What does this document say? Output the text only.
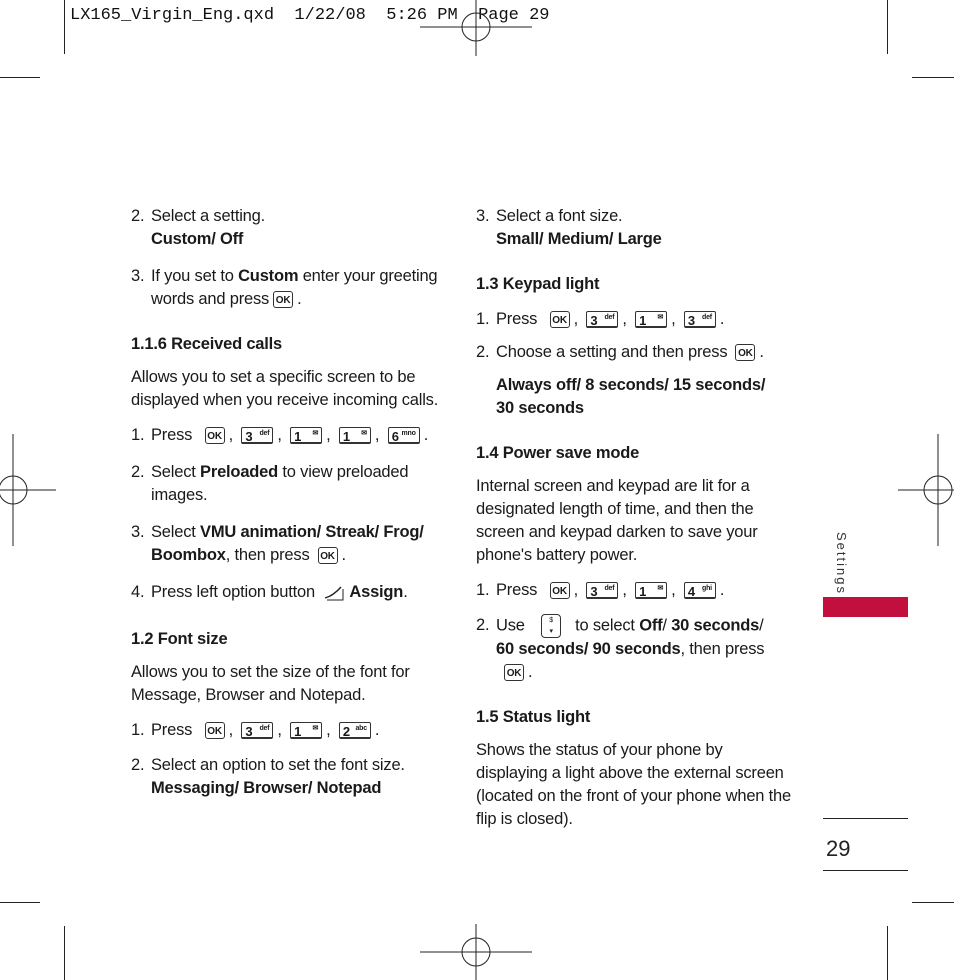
LX165_Virgin_Eng.qxd  1/22/08  5:26 PM  Page 29
2. Select a setting.

Custom/ Off

3. If you set to Custom enter your greeting

words and press OK .

1.1.6 Received calls

Allows you to set a specific screen to be displayed when you receive incoming calls.

1. Press OK , 3 def , 1 ✉ , 1 ✉ , 6 mno .

2. Select Preloaded to view preloaded

images.

3. Select VMU animation/ Streak/ Frog/

Boombox, then press OK .

4. Press left option button Assign.

1.2 Font size

Allows you to set the size of the font for Message, Browser and Notepad.

1. Press OK , 3 def , 1 ✉ , 2 abc .

2. Select an option to set the font size.

Messaging/ Browser/ Notepad

3. Select a font size.

Small/ Medium/ Large

1.3 Keypad light

1. Press OK , 3 def , 1 ✉ , 3 def .

2. Choose a setting and then press OK .

Always off/ 8 seconds/ 15 seconds/

30 seconds

1.4 Power save mode

Internal screen and keypad are lit for a designated length of time, and then the screen and keypad darken to save your phone's battery power.

1. Press OK , 3 def , 1 ✉ , 4 ghi .

2. Use	$
▾ to select Off/ 30 seconds/

60 seconds/ 90 seconds, then pressOK .

1.5 Status light

Shows the status of your phone by displaying a light above the external screen (located on the front of your phone when the flip is closed).

Settings
29
